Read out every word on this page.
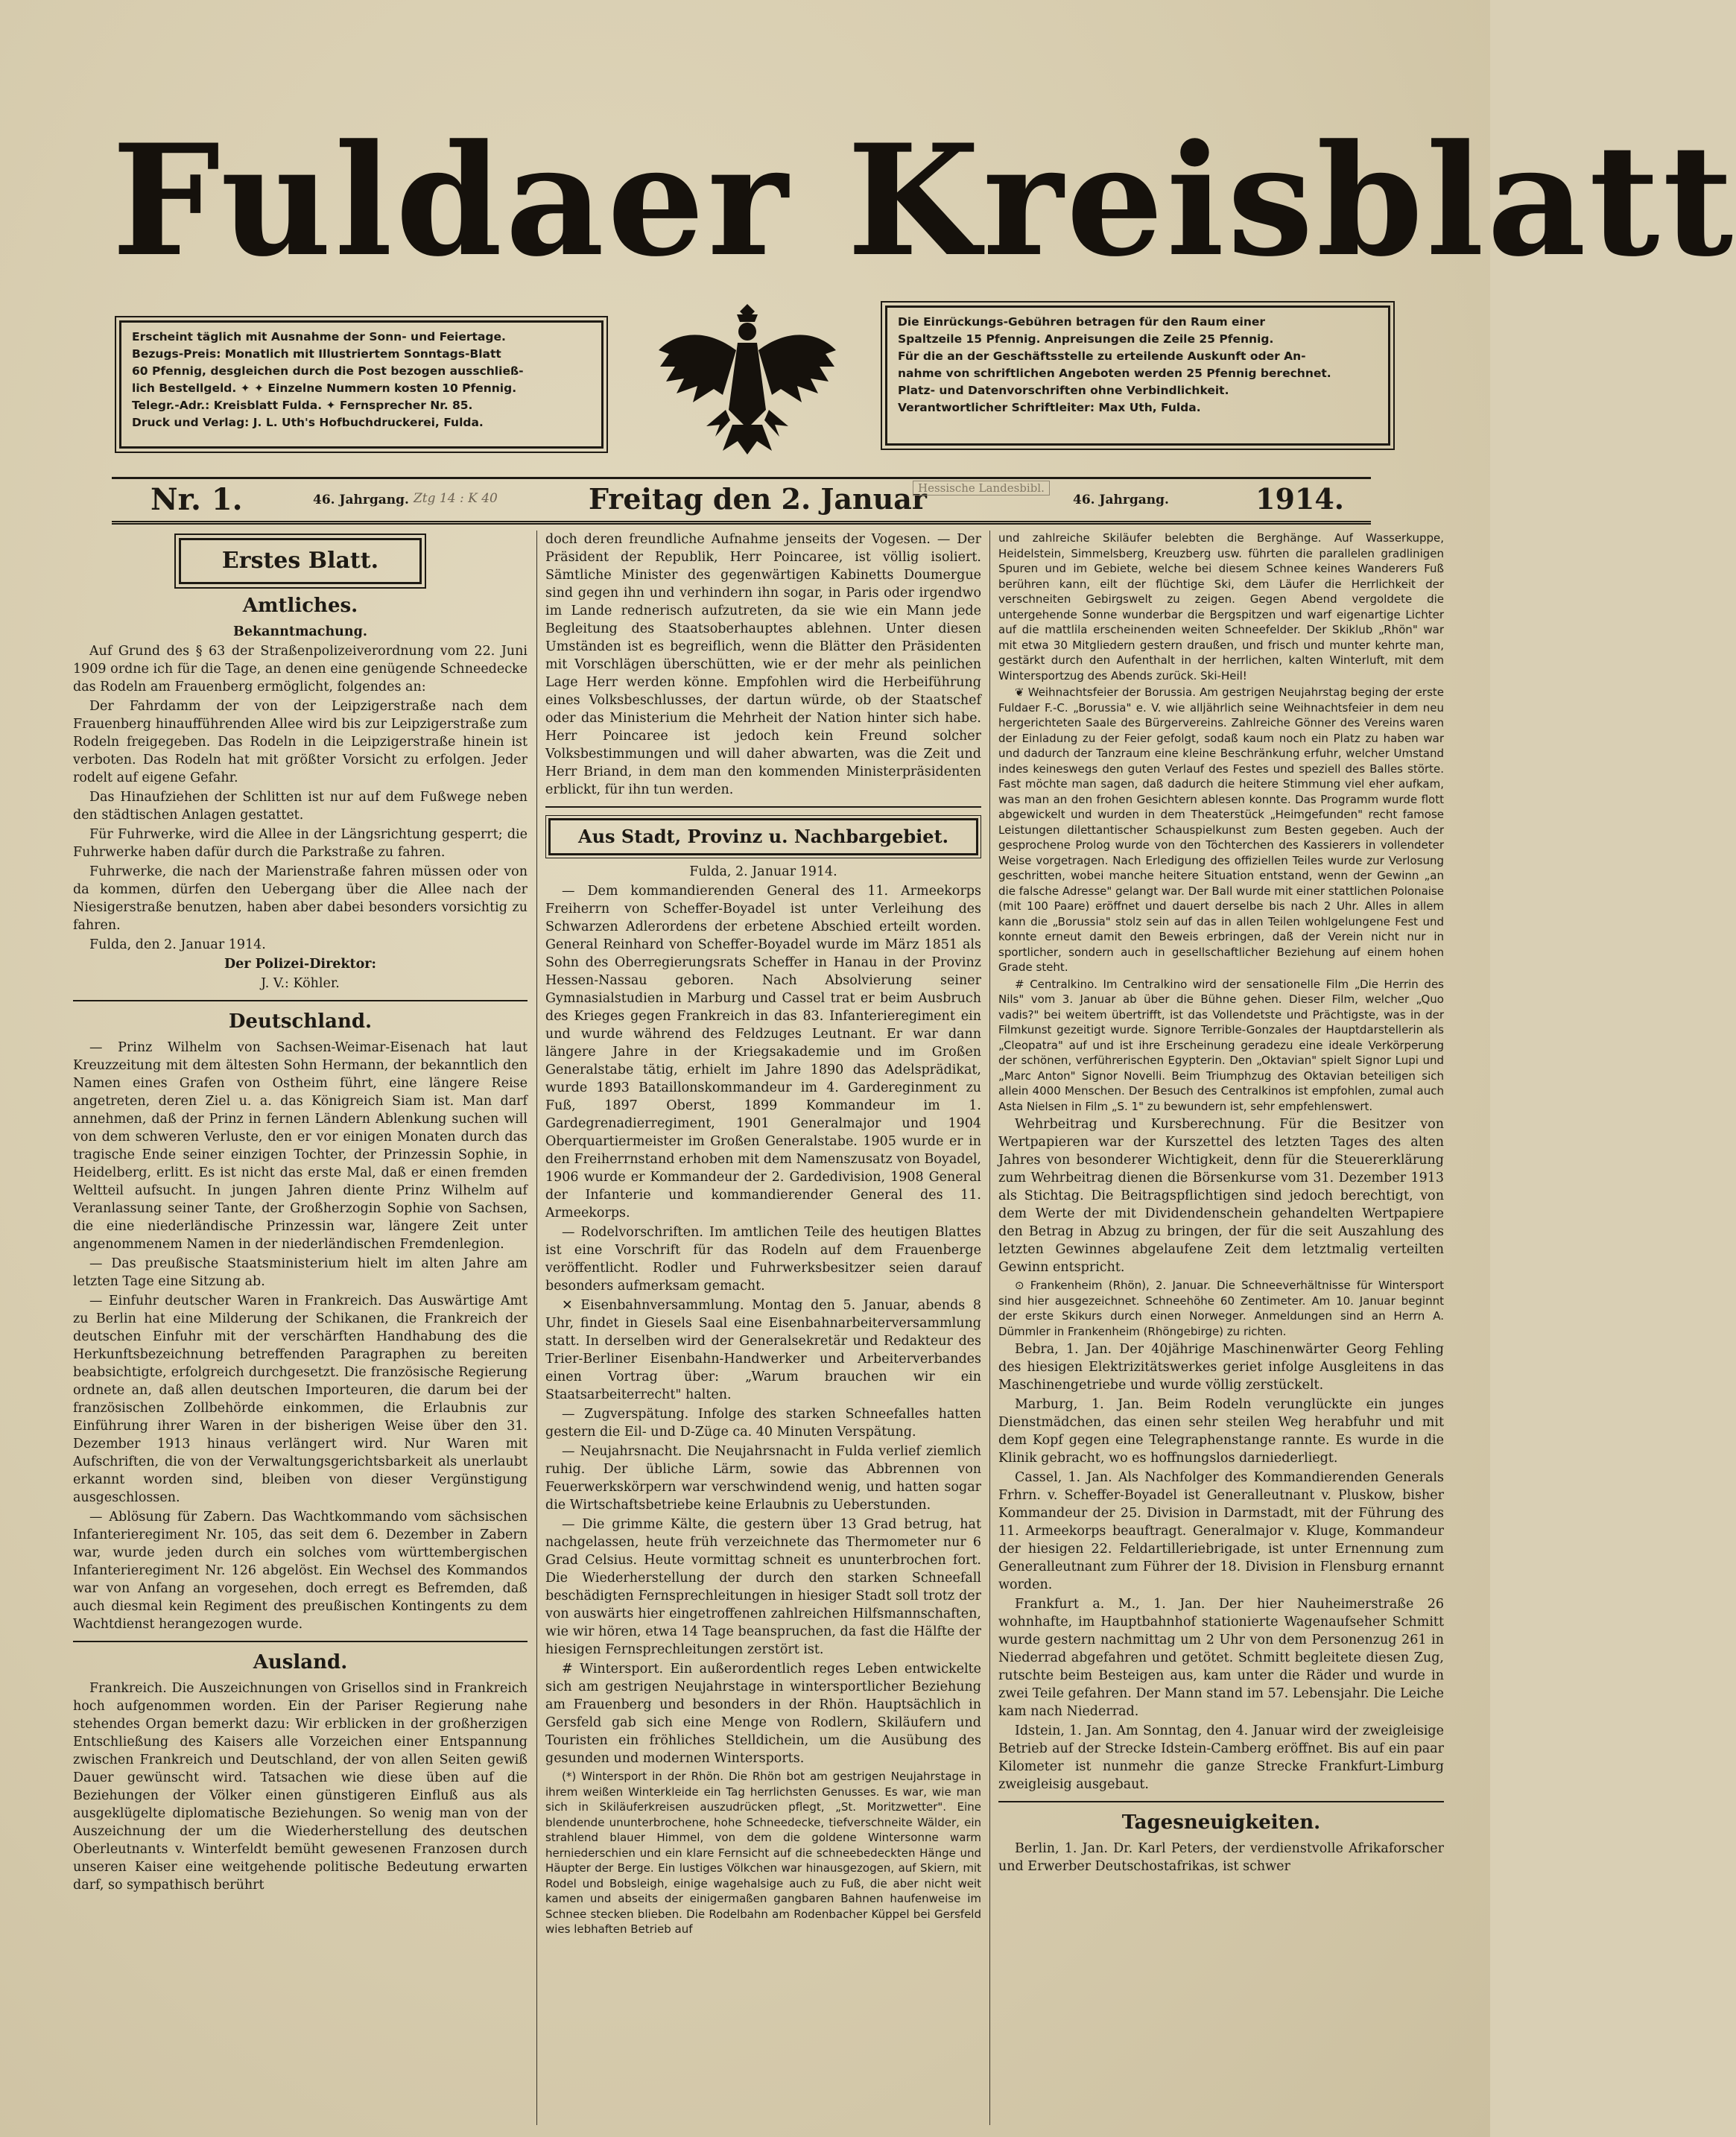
Fuldaer Kreisblatt
Erscheint täglich mit Ausnahme der Sonn- und Feiertage.
Bezugs-Preis: Monatlich mit Illustriertem Sonntags-Blatt
60 Pfennig, desgleichen durch die Post bezogen ausschließ-
lich Bestellgeld. ✦ ✦ Einzelne Nummern kosten 10 Pfennig.
Telegr.-Adr.: Kreisblatt Fulda. ✦ Fernsprecher Nr. 85.
Druck und Verlag: J. L. Uth's Hofbuchdruckerei, Fulda.
Die Einrückungs-Gebühren betragen für den Raum einer
Spaltzeile 15 Pfennig. Anpreisungen die Zeile 25 Pfennig.
Für die an der Geschäftsstelle zu erteilende Auskunft oder An-
nahme von schriftlichen Angeboten werden 25 Pfennig berechnet.
Platz- und Datenvorschriften ohne Verbindlichkeit.
Verantwortlicher Schriftleiter: Max Uth, Fulda.
Nr. 1.	46. Jahrgang. Ztg 14 : K 40	Freitag den 2. Januar
Hessische Landesbibl.
46. Jahrgang.	1914.
Erstes Blatt.
Amtliches.

Bekanntmachung.

Auf Grund des § 63 der Straßenpolizeiverordnung vom 22. Juni 1909 ordne ich für die Tage, an denen eine genügende Schneedecke das Rodeln am Frauenberg ermöglicht, folgendes an:

Der Fahrdamm der von der Leipzigerstraße nach dem Frauenberg hinaufführenden Allee wird bis zur Leipzigerstraße zum Rodeln freigegeben. Das Rodeln in die Leipzigerstraße hinein ist verboten. Das Rodeln hat mit größter Vorsicht zu erfolgen. Jeder rodelt auf eigene Gefahr.

Das Hinaufziehen der Schlitten ist nur auf dem Fußwege neben den städtischen Anlagen gestattet.

Für Fuhrwerke, wird die Allee in der Längsrichtung gesperrt; die Fuhrwerke haben dafür durch die Parkstraße zu fahren.

Fuhrwerke, die nach der Marienstraße fahren müssen oder von da kommen, dürfen den Uebergang über die Allee nach der Niesigerstraße benutzen, haben aber dabei besonders vorsichtig zu fahren.

Fulda, den 2. Januar 1914.

Der Polizei-Direktor:

J. V.: Köhler.

Deutschland.

— Prinz Wilhelm von Sachsen-Weimar-Eisenach hat laut Kreuzzeitung mit dem ältesten Sohn Hermann, der bekanntlich den Namen eines Grafen von Ostheim führt, eine längere Reise angetreten, deren Ziel u. a. das Königreich Siam ist. Man darf annehmen, daß der Prinz in fernen Ländern Ablenkung suchen will von dem schweren Verluste, den er vor einigen Monaten durch das tragische Ende seiner einzigen Tochter, der Prinzessin Sophie, in Heidelberg, erlitt. Es ist nicht das erste Mal, daß er einen fremden Weltteil aufsucht. In jungen Jahren diente Prinz Wilhelm auf Veranlassung seiner Tante, der Großherzogin Sophie von Sachsen, die eine niederländische Prinzessin war, längere Zeit unter angenommenem Namen in der niederländischen Fremdenlegion.

— Das preußische Staatsministerium hielt im alten Jahre am letzten Tage eine Sitzung ab.

— Einfuhr deutscher Waren in Frankreich. Das Auswärtige Amt zu Berlin hat eine Milderung der Schikanen, die Frankreich der deutschen Einfuhr mit der verschärften Handhabung des die Herkunftsbezeichnung betreffenden Paragraphen zu bereiten beabsichtigte, erfolgreich durchgesetzt. Die französische Regierung ordnete an, daß allen deutschen Importeuren, die darum bei der französischen Zollbehörde einkommen, die Erlaubnis zur Einführung ihrer Waren in der bisherigen Weise über den 31. Dezember 1913 hinaus verlängert wird. Nur Waren mit Aufschriften, die von der Verwaltungsgerichtsbarkeit als unerlaubt erkannt worden sind, bleiben von dieser Vergünstigung ausgeschlossen.

— Ablösung für Zabern. Das Wachtkommando vom sächsischen Infanterieregiment Nr. 105, das seit dem 6. Dezember in Zabern war, wurde jeden durch ein solches vom württembergischen Infanterieregiment Nr. 126 abgelöst. Ein Wechsel des Kommandos war von Anfang an vorgesehen, doch erregt es Befremden, daß auch diesmal kein Regiment des preußischen Kontingents zu dem Wachtdienst herangezogen wurde.

Ausland.

Frankreich. Die Auszeichnungen von Grisellos sind in Frankreich hoch aufgenommen worden. Ein der Pariser Regierung nahe stehendes Organ bemerkt dazu: Wir erblicken in der großherzigen Entschließung des Kaisers alle Vorzeichen einer Entspannung zwischen Frankreich und Deutschland, der von allen Seiten gewiß Dauer gewünscht wird. Tatsachen wie diese üben auf die Beziehungen der Völker einen günstigeren Einfluß aus als ausgeklügelte diplomatische Beziehungen. So wenig man von der Auszeichnung der um die Wiederherstellung des deutschen Oberleutnants v. Winterfeldt bemüht gewesenen Franzosen durch unseren Kaiser eine weitgehende politische Bedeutung erwarten darf, so sympathisch berührt

doch deren freundliche Aufnahme jenseits der Vogesen. — Der Präsident der Republik, Herr Poincaree, ist völlig isoliert. Sämtliche Minister des gegenwärtigen Kabinetts Doumergue sind gegen ihn und verhindern ihn sogar, in Paris oder irgendwo im Lande rednerisch aufzutreten, da sie wie ein Mann jede Begleitung des Staatsoberhauptes ablehnen. Unter diesen Umständen ist es begreiflich, wenn die Blätter den Präsidenten mit Vorschlägen überschütten, wie er der mehr als peinlichen Lage Herr werden könne. Empfohlen wird die Herbeiführung eines Volksbeschlusses, der dartun würde, ob der Staatschef oder das Ministerium die Mehrheit der Nation hinter sich habe. Herr Poincaree ist jedoch kein Freund solcher Volksbestimmungen und will daher abwarten, was die Zeit und Herr Briand, in dem man den kommenden Ministerpräsidenten erblickt, für ihn tun werden.

Aus Stadt, Provinz u. Nachbargebiet.

Fulda, 2. Januar 1914.

— Dem kommandierenden General des 11. Armeekorps Freiherrn von Scheffer-Boyadel ist unter Verleihung des Schwarzen Adlerordens der erbetene Abschied erteilt worden. General Reinhard von Scheffer-Boyadel wurde im März 1851 als Sohn des Oberregierungsrats Scheffer in Hanau in der Provinz Hessen-Nassau geboren. Nach Absolvierung seiner Gymnasialstudien in Marburg und Cassel trat er beim Ausbruch des Krieges gegen Frankreich in das 83. Infanterieregiment ein und wurde während des Feldzuges Leutnant. Er war dann längere Jahre in der Kriegsakademie und im Großen Generalstabe tätig, erhielt im Jahre 1890 das Adelsprädikat, wurde 1893 Bataillonskommandeur im 4. Gardereginment zu Fuß, 1897 Oberst, 1899 Kommandeur im 1. Gardegrenadierregiment, 1901 Generalmajor und 1904 Oberquartiermeister im Großen Generalstabe. 1905 wurde er in den Freiherrnstand erhoben mit dem Namenszusatz von Boyadel, 1906 wurde er Kommandeur der 2. Gardedivision, 1908 General der Infanterie und kommandierender General des 11. Armeekorps.

— Rodelvorschriften. Im amtlichen Teile des heutigen Blattes ist eine Vorschrift für das Rodeln auf dem Frauenberge veröffentlicht. Rodler und Fuhrwerksbesitzer seien darauf besonders aufmerksam gemacht.

✕ Eisenbahnversammlung. Montag den 5. Januar, abends 8 Uhr, findet in Giesels Saal eine Eisenbahnarbeiterversammlung statt. In derselben wird der Generalsekretär und Redakteur des Trier-Berliner Eisenbahn-Handwerker und Arbeiterverbandes einen Vortrag über: „Warum brauchen wir ein Staatsarbeiterrecht" halten.

— Zugverspätung. Infolge des starken Schneefalles hatten gestern die Eil- und D-Züge ca. 40 Minuten Verspätung.

— Neujahrsnacht. Die Neujahrsnacht in Fulda verlief ziemlich ruhig. Der übliche Lärm, sowie das Abbrennen von Feuerwerkskörpern war verschwindend wenig, und hatten sogar die Wirtschaftsbetriebe keine Erlaubnis zu Ueberstunden.

— Die grimme Kälte, die gestern über 13 Grad betrug, hat nachgelassen, heute früh verzeichnete das Thermometer nur 6 Grad Celsius. Heute vormittag schneit es ununterbrochen fort. Die Wiederherstellung der durch den starken Schneefall beschädigten Fernsprechleitungen in hiesiger Stadt soll trotz der von auswärts hier eingetroffenen zahlreichen Hilfsmannschaften, wie wir hören, etwa 14 Tage beanspruchen, da fast die Hälfte der hiesigen Fernsprechleitungen zerstört ist.

# Wintersport. Ein außerordentlich reges Leben entwickelte sich am gestrigen Neujahrstage in wintersportlicher Beziehung am Frauenberg und besonders in der Rhön. Hauptsächlich in Gersfeld gab sich eine Menge von Rodlern, Skiläufern und Touristen ein fröhliches Stelldichein, um die Ausübung des gesunden und modernen Wintersports.

(*) Wintersport in der Rhön. Die Rhön bot am gestrigen Neujahrstage in ihrem weißen Winterkleide ein Tag herrlichsten Genusses. Es war, wie man sich in Skiläuferkreisen auszudrücken pflegt, „St. Moritzwetter". Eine blendende ununterbrochene, hohe Schneedecke, tiefverschneite Wälder, ein strahlend blauer Himmel, von dem die goldene Wintersonne warm herniederschien und ein klare Fernsicht auf die schneebedeckten Hänge und Häupter der Berge. Ein lustiges Völkchen war hinausgezogen, auf Skiern, mit Rodel und Bobsleigh, einige wagehalsige auch zu Fuß, die aber nicht weit kamen und abseits der einigermaßen gangbaren Bahnen haufenweise im Schnee stecken blieben. Die Rodelbahn am Rodenbacher Küppel bei Gersfeld wies lebhaften Betrieb auf

und zahlreiche Skiläufer belebten die Berghänge. Auf Wasserkuppe, Heidelstein, Simmelsberg, Kreuzberg usw. führten die parallelen gradlinigen Spuren und im Gebiete, welche bei diesem Schnee keines Wanderers Fuß berühren kann, eilt der flüchtige Ski, dem Läufer die Herrlichkeit der verschneiten Gebirgswelt zu zeigen. Gegen Abend vergoldete die untergehende Sonne wunderbar die Bergspitzen und warf eigenartige Lichter auf die mattlila erscheinenden weiten Schneefelder. Der Skiklub „Rhön" war mit etwa 30 Mitgliedern gestern draußen, und frisch und munter kehrte man, gestärkt durch den Aufenthalt in der herrlichen, kalten Winterluft, mit dem Wintersportzug des Abends zurück. Ski-Heil!

❦ Weihnachtsfeier der Borussia. Am gestrigen Neujahrstag beging der erste Fuldaer F.-C. „Borussia" e. V. wie alljährlich seine Weihnachtsfeier in dem neu hergerichteten Saale des Bürgervereins. Zahlreiche Gönner des Vereins waren der Einladung zu der Feier gefolgt, sodaß kaum noch ein Platz zu haben war und dadurch der Tanzraum eine kleine Beschränkung erfuhr, welcher Umstand indes keineswegs den guten Verlauf des Festes und speziell des Balles störte. Fast möchte man sagen, daß dadurch die heitere Stimmung viel eher aufkam, was man an den frohen Gesichtern ablesen konnte. Das Programm wurde flott abgewickelt und wurden in dem Theaterstück „Heimgefunden" recht famose Leistungen dilettantischer Schauspielkunst zum Besten gegeben. Auch der gesprochene Prolog wurde von den Töchterchen des Kassierers in vollendeter Weise vorgetragen. Nach Erledigung des offiziellen Teiles wurde zur Verlosung geschritten, wobei manche heitere Situation entstand, wenn der Gewinn „an die falsche Adresse" gelangt war. Der Ball wurde mit einer stattlichen Polonaise (mit 100 Paare) eröffnet und dauert derselbe bis nach 2 Uhr. Alles in allem kann die „Borussia" stolz sein auf das in allen Teilen wohlgelungene Fest und konnte erneut damit den Beweis erbringen, daß der Verein nicht nur in sportlicher, sondern auch in gesellschaftlicher Beziehung auf einem hohen Grade steht.

# Centralkino. Im Centralkino wird der sensationelle Film „Die Herrin des Nils" vom 3. Januar ab über die Bühne gehen. Dieser Film, welcher „Quo vadis?" bei weitem übertrifft, ist das Vollendetste und Prächtigste, was in der Filmkunst gezeitigt wurde. Signore Terrible-Gonzales der Hauptdarstellerin als „Cleopatra" auf und ist ihre Erscheinung geradezu eine ideale Verkörperung der schönen, verführerischen Egypterin. Den „Oktavian" spielt Signor Lupi und „Marc Anton" Signor Novelli. Beim Triumphzug des Oktavian beteiligen sich allein 4000 Menschen. Der Besuch des Centralkinos ist empfohlen, zumal auch Asta Nielsen in Film „S. 1" zu bewundern ist, sehr empfehlenswert.

Wehrbeitrag und Kursberechnung. Für die Besitzer von Wertpapieren war der Kurszettel des letzten Tages des alten Jahres von besonderer Wichtigkeit, denn für die Steuererklärung zum Wehrbeitrag dienen die Börsenkurse vom 31. Dezember 1913 als Stichtag. Die Beitragspflichtigen sind jedoch berechtigt, von dem Werte der mit Dividendenschein gehandelten Wertpapiere den Betrag in Abzug zu bringen, der für die seit Auszahlung des letzten Gewinnes abgelaufene Zeit dem letztmalig verteilten Gewinn entspricht.

⊙ Frankenheim (Rhön), 2. Januar. Die Schneeverhältnisse für Wintersport sind hier ausgezeichnet. Schneehöhe 60 Zentimeter. Am 10. Januar beginnt der erste Skikurs durch einen Norweger. Anmeldungen sind an Herrn A. Dümmler in Frankenheim (Rhöngebirge) zu richten.

Bebra, 1. Jan. Der 40jährige Maschinenwärter Georg Fehling des hiesigen Elektrizitätswerkes geriet infolge Ausgleitens in das Maschinengetriebe und wurde völlig zerstückelt.

Marburg, 1. Jan. Beim Rodeln verunglückte ein junges Dienstmädchen, das einen sehr steilen Weg herabfuhr und mit dem Kopf gegen eine Telegraphenstange rannte. Es wurde in die Klinik gebracht, wo es hoffnungslos darniederliegt.

Cassel, 1. Jan. Als Nachfolger des Kommandierenden Generals Frhrn. v. Scheffer-Boyadel ist Generalleutnant v. Pluskow, bisher Kommandeur der 25. Division in Darmstadt, mit der Führung des 11. Armeekorps beauftragt. Generalmajor v. Kluge, Kommandeur der hiesigen 22. Feldartilleriebrigade, ist unter Ernennung zum Generalleutnant zum Führer der 18. Division in Flensburg ernannt worden.

Frankfurt a. M., 1. Jan. Der hier Nauheimerstraße 26 wohnhafte, im Hauptbahnhof stationierte Wagenaufseher Schmitt wurde gestern nachmittag um 2 Uhr von dem Personenzug 261 in Niederrad abgefahren und getötet. Schmitt begleitete diesen Zug, rutschte beim Besteigen aus, kam unter die Räder und wurde in zwei Teile gefahren. Der Mann stand im 57. Lebensjahr. Die Leiche kam nach Niederrad.

Idstein, 1. Jan. Am Sonntag, den 4. Januar wird der zweigleisige Betrieb auf der Strecke Idstein-Camberg eröffnet. Bis auf ein paar Kilometer ist nunmehr die ganze Strecke Frankfurt-Limburg zweigleisig ausgebaut.

Tagesneuigkeiten.

Berlin, 1. Jan. Dr. Karl Peters, der verdienstvolle Afrikaforscher und Erwerber Deutschostafrikas, ist schwer
